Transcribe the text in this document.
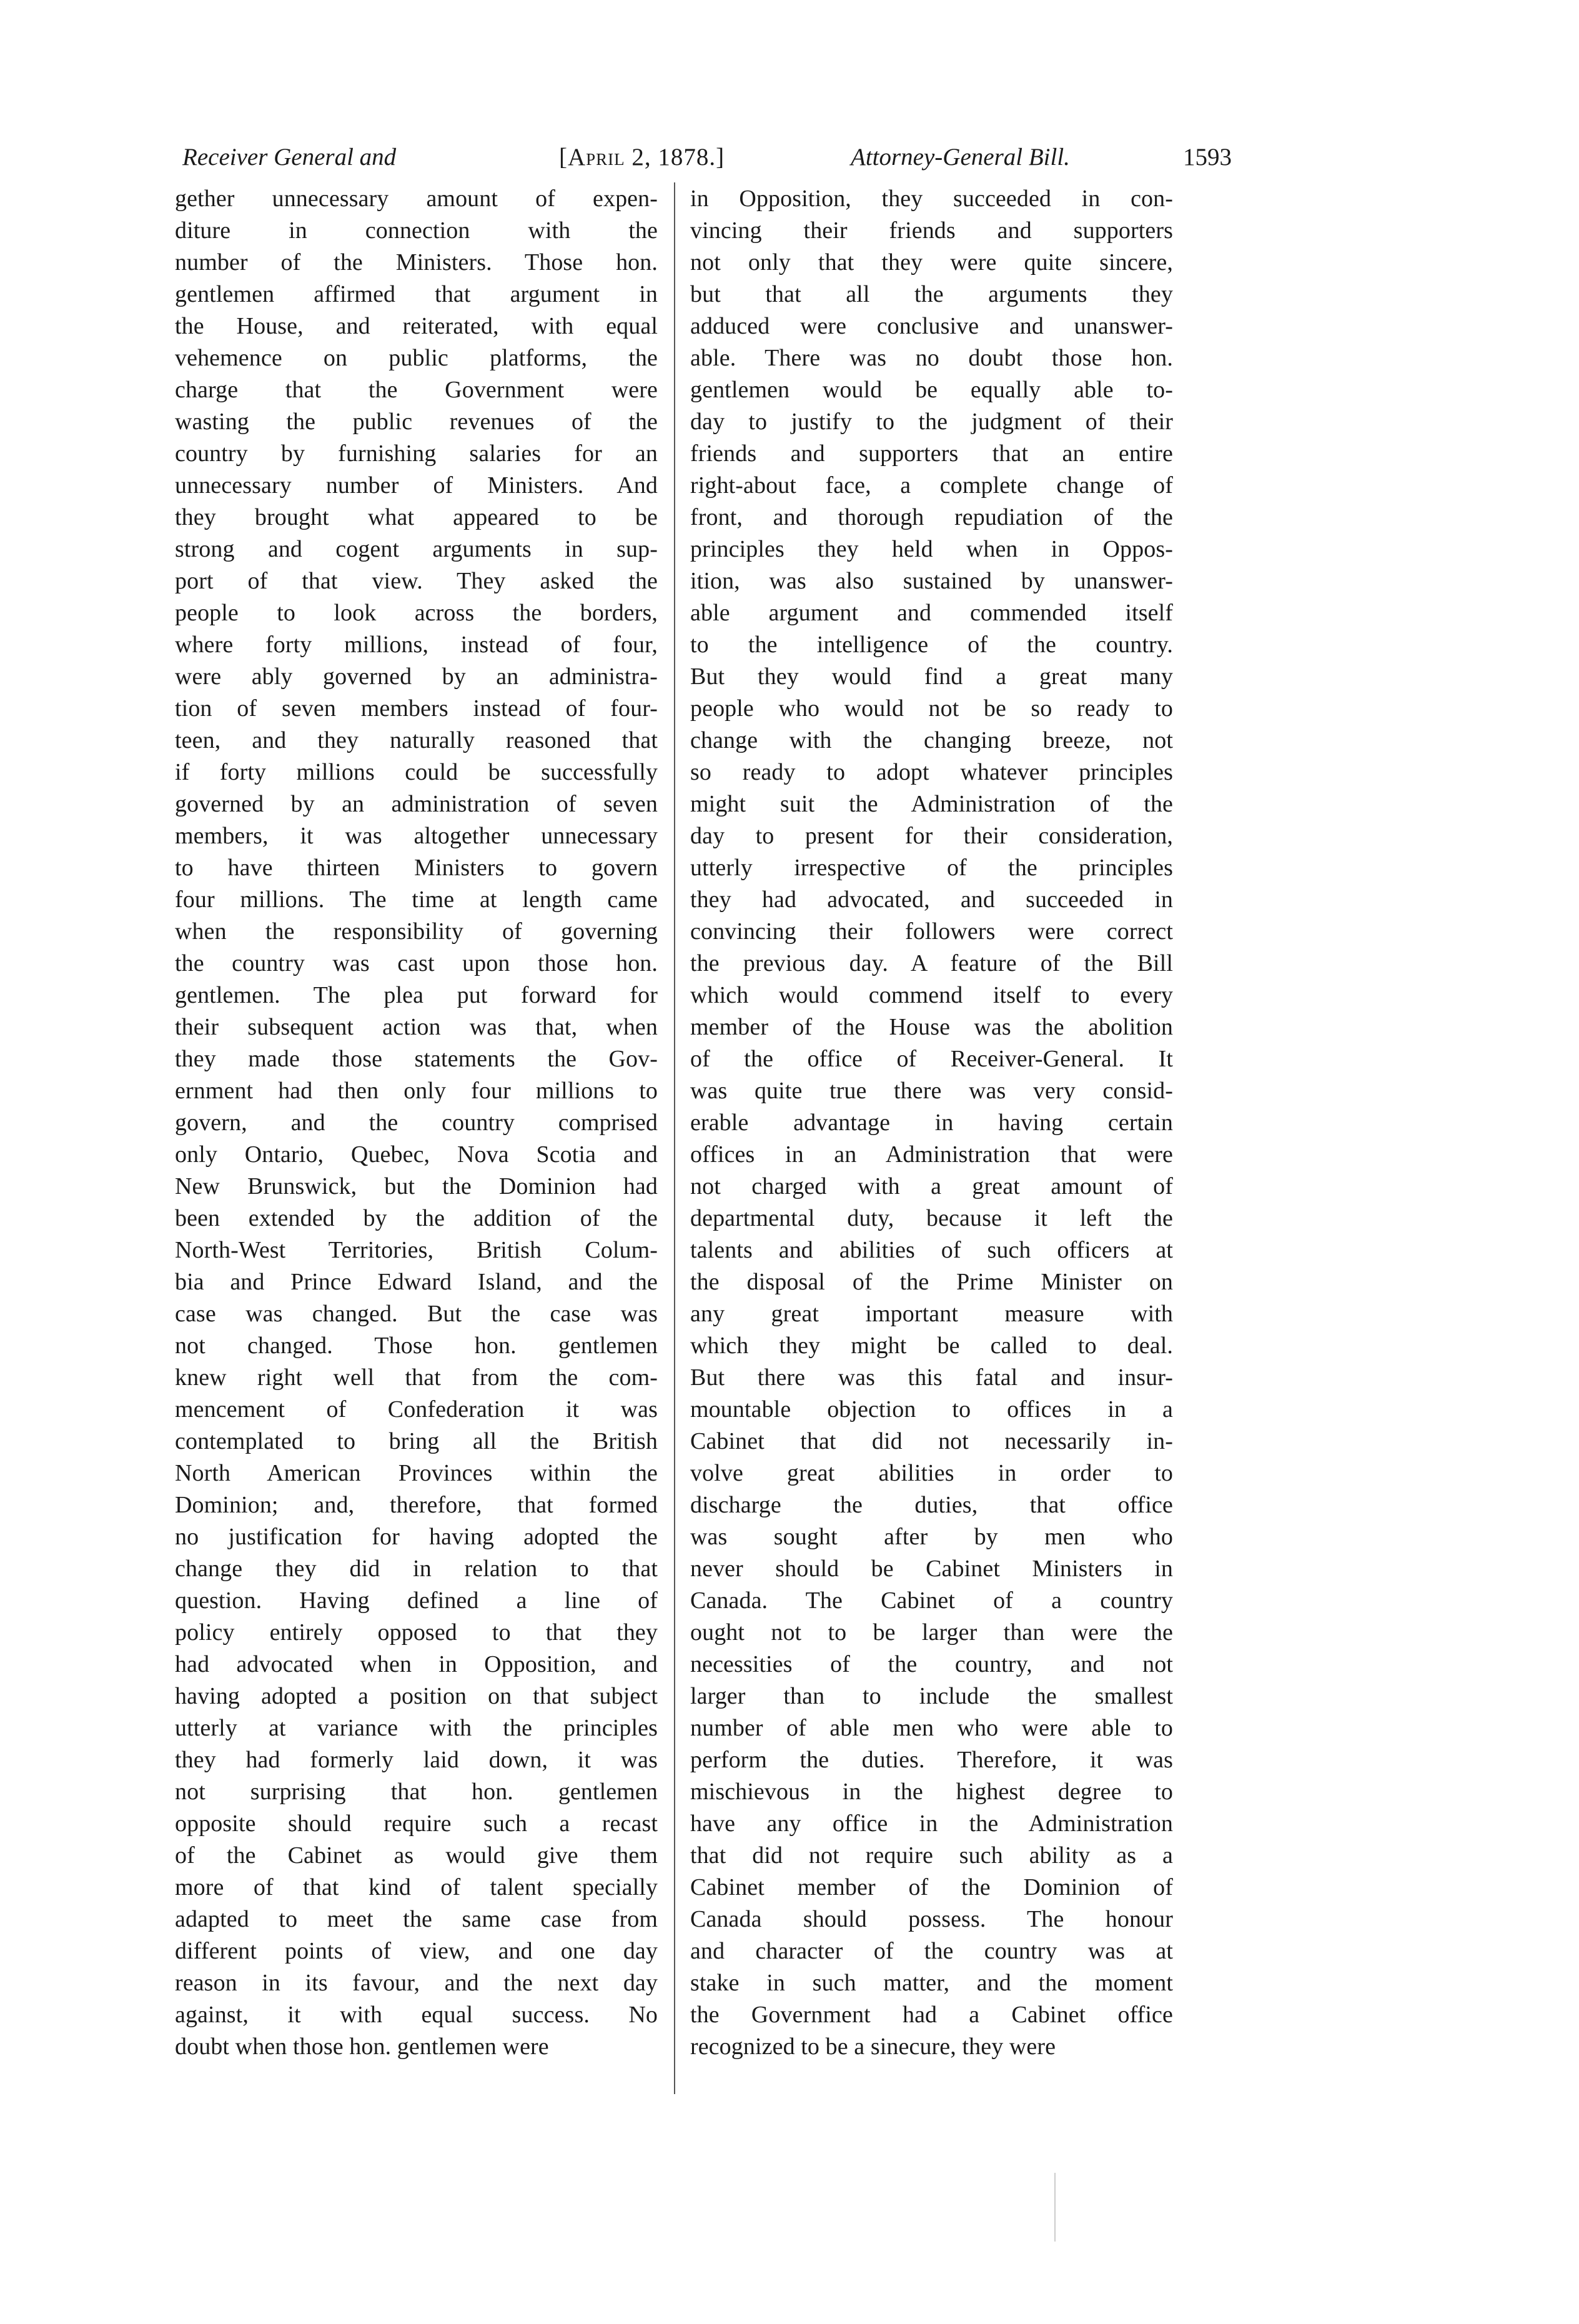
Receiver General and	[April 2, 1878.]	Attorney-General Bill.	1593
gether unnecessary amount of expen-
diture in connection with the
number of the Ministers. Those hon.
gentlemen affirmed that argument in
the House, and reiterated, with equal
vehemence on public platforms, the
charge that the Government were
wasting the public revenues of the
country by furnishing salaries for an
unnecessary number of Ministers. And
they brought what appeared to be
strong and cogent arguments in sup-
port of that view. They asked the
people to look across the borders,
where forty millions, instead of four,
were ably governed by an administra-
tion of seven members instead of four-
teen, and they naturally reasoned that
if forty millions could be successfully
governed by an administration of seven
members, it was altogether unnecessary
to have thirteen Ministers to govern
four millions. The time at length came
when the responsibility of governing
the country was cast upon those hon.
gentlemen. The plea put forward for
their subsequent action was that, when
they made those statements the Gov-
ernment had then only four millions to
govern, and the country comprised
only Ontario, Quebec, Nova Scotia and
New Brunswick, but the Dominion had
been extended by the addition of the
North-West Territories, British Colum-
bia and Prince Edward Island, and the
case was changed. But the case was
not changed. Those hon. gentlemen
knew right well that from the com-
mencement of Confederation it was
contemplated to bring all the British
North American Provinces within the
Dominion; and, therefore, that formed
no justification for having adopted the
change they did in relation to that
question. Having defined a line of
policy entirely opposed to that they
had advocated when in Opposition, and
having adopted a position on that subject
utterly at variance with the principles
they had formerly laid down, it was
not surprising that hon. gentlemen
opposite should require such a recast
of the Cabinet as would give them
more of that kind of talent specially
adapted to meet the same case from
different points of view, and one day
reason in its favour, and the next day
against, it with equal success. No
doubt when those hon. gentlemen were
in Opposition, they succeeded in con-
vincing their friends and supporters
not only that they were quite sincere,
but that all the arguments they
adduced were conclusive and unanswer-
able. There was no doubt those hon.
gentlemen would be equally able to-
day to justify to the judgment of their
friends and supporters that an entire
right-about face, a complete change of
front, and thorough repudiation of the
principles they held when in Oppos-
ition, was also sustained by unanswer-
able argument and commended itself
to the intelligence of the country.
But they would find a great many
people who would not be so ready to
change with the changing breeze, not
so ready to adopt whatever principles
might suit the Administration of the
day to present for their consideration,
utterly irrespective of the principles
they had advocated, and succeeded in
convincing their followers were correct
the previous day. A feature of the Bill
which would commend itself to every
member of the House was the abolition
of the office of Receiver-General. It
was quite true there was very consid-
erable advantage in having certain
offices in an Administration that were
not charged with a great amount of
departmental duty, because it left the
talents and abilities of such officers at
the disposal of the Prime Minister on
any great important measure with
which they might be called to deal.
But there was this fatal and insur-
mountable objection to offices in a
Cabinet that did not necessarily in-
volve great abilities in order to
discharge the duties, that office
was sought after by men who
never should be Cabinet Ministers in
Canada. The Cabinet of a country
ought not to be larger than were the
necessities of the country, and not
larger than to include the smallest
number of able men who were able to
perform the duties. Therefore, it was
mischievous in the highest degree to
have any office in the Administration
that did not require such ability as a
Cabinet member of the Dominion of
Canada should possess. The honour
and character of the country was at
stake in such matter, and the moment
the Government had a Cabinet office
recognized to be a sinecure, they were
